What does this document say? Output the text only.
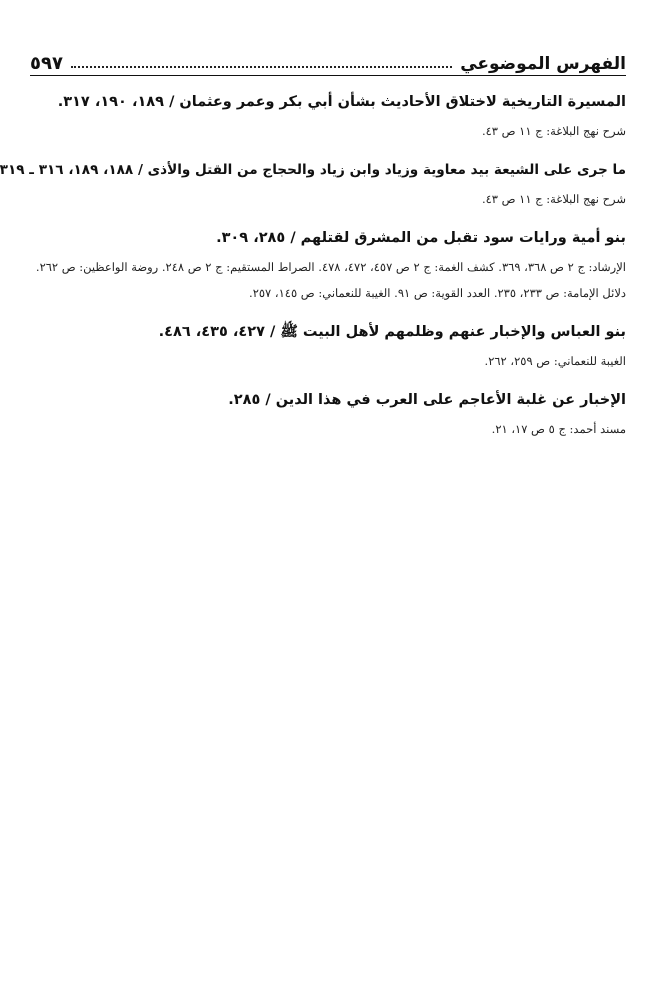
الفهرس الموضوعي
٥٩٧
المسيرة التاريخية لاختلاق الأحاديث بشأن أبي بكر وعمر وعثمان / ١٨٩، ١٩٠، ٣١٧.
شرح نهج البلاغة: ج ١١ ص ٤٣.
ما جرى على الشيعة بيد معاوية وزياد وابن زياد والحجاج من القتل والأذى / ١٨٨، ١٨٩، ٣١٦ ـ ٣١٩
شرح نهج البلاغة: ج ١١ ص ٤٣.
بنو أمية ورايات سود تقبل من المشرق لقتلهم / ٢٨٥، ٣٠٩.
الإرشاد: ج ٢ ص ٣٦٨، ٣٦٩. كشف الغمة: ج ٢ ص ٤٥٧، ٤٧٢، ٤٧٨. الصراط المستقيم: ج ٢ ص ٢٤٨. روضة الواعظين: ص ٢٦٢. دلائل الإمامة: ص ٢٣٣، ٢٣٥. العدد القوية: ص ٩١. الغيبة للنعماني: ص ١٤٥، ٢٥٧.
بنو العباس والإخبار عنهم وظلمهم لأهل البيت ﷺ / ٤٢٧، ٤٣٥، ٤٨٦.
الغيبة للنعماني: ص ٢٥٩، ٢٦٢.
الإخبار عن غلبة الأعاجم على العرب في هذا الدين / ٢٨٥.
مسند أحمد: ج ٥ ص ١٧، ٢١.
